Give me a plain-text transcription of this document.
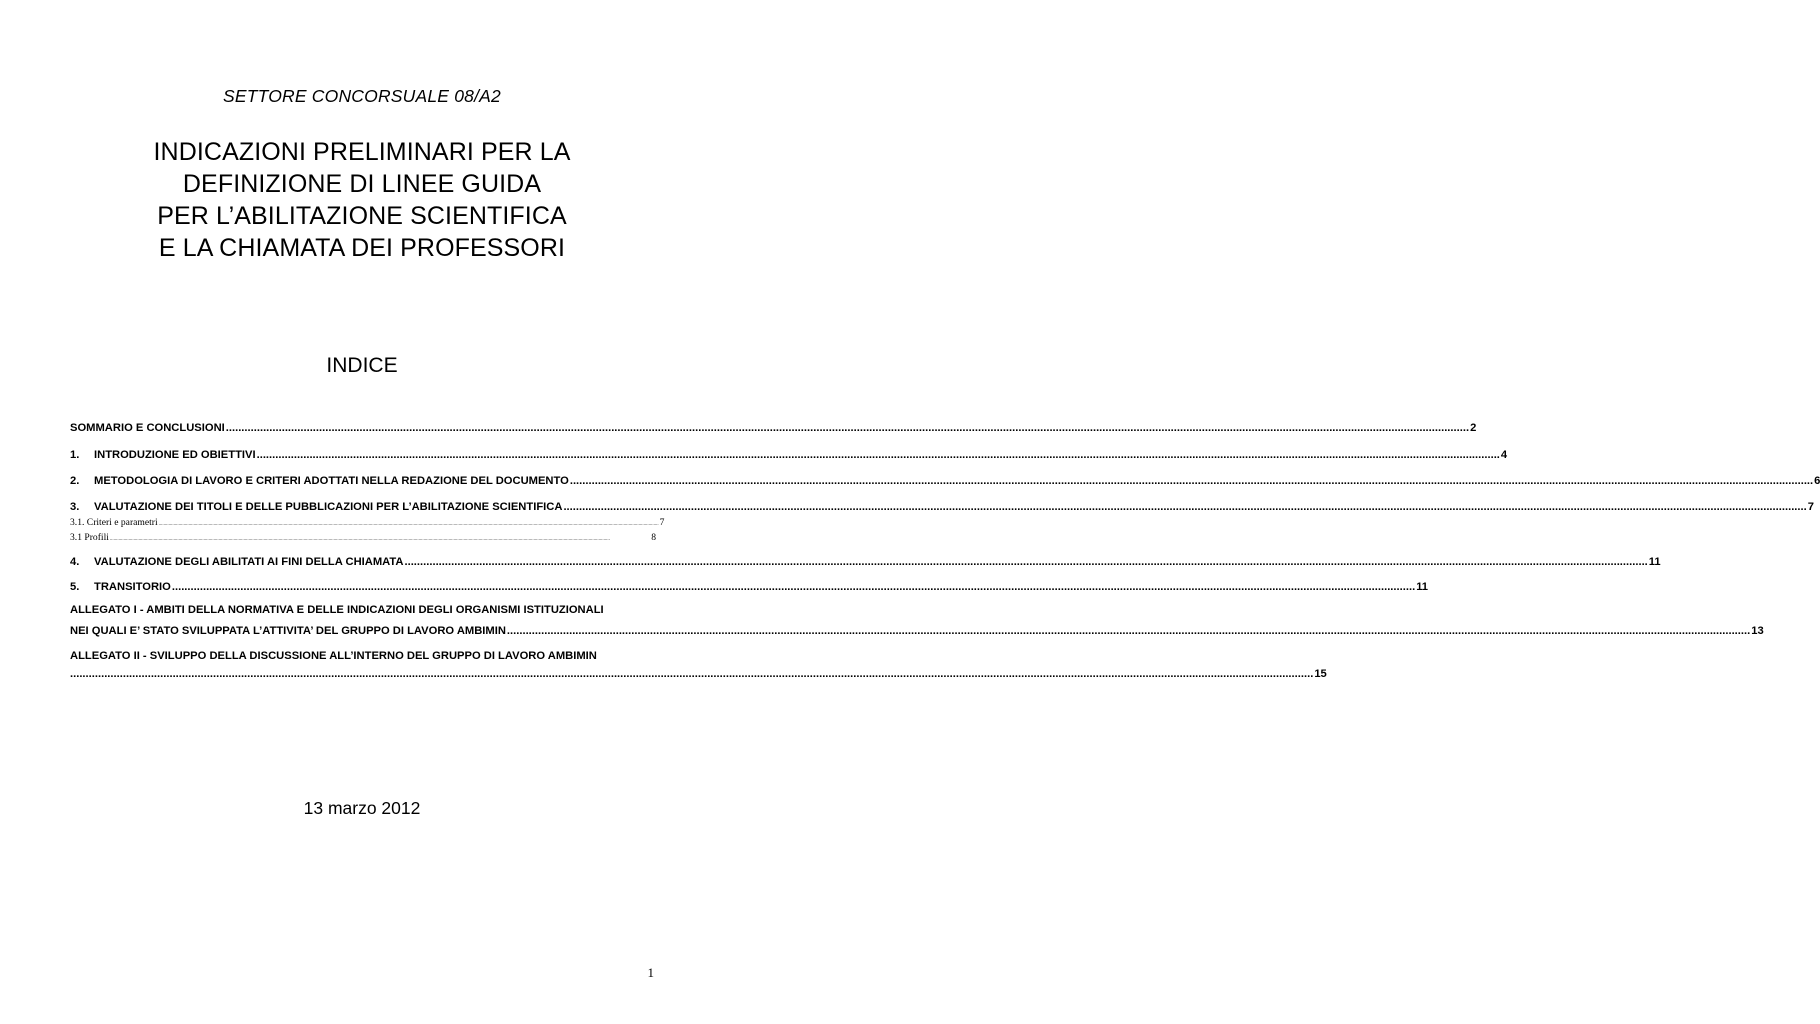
SETTORE CONCORSUALE 08/A2
INDICAZIONI PRELIMINARI PER LA
DEFINIZIONE DI LINEE GUIDA
PER L’ABILITAZIONE SCIENTIFICA
E LA CHIAMATA DEI PROFESSORI
INDICE
SOMMARIO E CONCLUSIONI ................................................................................................................................................................................................................................................................................................................................................................................................................ 2
1.	INTRODUZIONE ED OBIETTIVI ................................................................................................................................................................................................................................................................................................................................................................................................................ 4
2.	METODOLOGIA DI LAVORO E CRITERI ADOTTATI NELLA REDAZIONE DEL DOCUMENTO ................................................................................................................................................................................................................................................................................................................................................................................................................ 6
3.	VALUTAZIONE DEI TITOLI E DELLE PUBBLICAZIONI PER L’ABILITAZIONE SCIENTIFICA ................................................................................................................................................................................................................................................................................................................................................................................................................ 7
3.1. Criteri e parametri ................................................................................................................................................................................................................................................................................................................................................................................................................ 7
3.1 Profili ................................................................................................................................................................................................................................................................................................................................................................................................................	8
4.	VALUTAZIONE DEGLI ABILITATI AI FINI DELLA CHIAMATA ................................................................................................................................................................................................................................................................................................................................................................................................................ 11
5.	TRANSITORIO ................................................................................................................................................................................................................................................................................................................................................................................................................ 11
ALLEGATO I - AMBITI DELLA NORMATIVA E DELLE INDICAZIONI DEGLI ORGANISMI ISTITUZIONALI
NEI QUALI E’ STATO SVILUPPATA L’ATTIVITA’ DEL GRUPPO DI LAVORO AMBIMIN ................................................................................................................................................................................................................................................................................................................................................................................................................ 13
ALLEGATO II - SVILUPPO DELLA DISCUSSIONE ALL’INTERNO DEL GRUPPO DI LAVORO AMBIMIN
................................................................................................................................................................................................................................................................................................................................................................................................................ 15
13 marzo 2012
1
